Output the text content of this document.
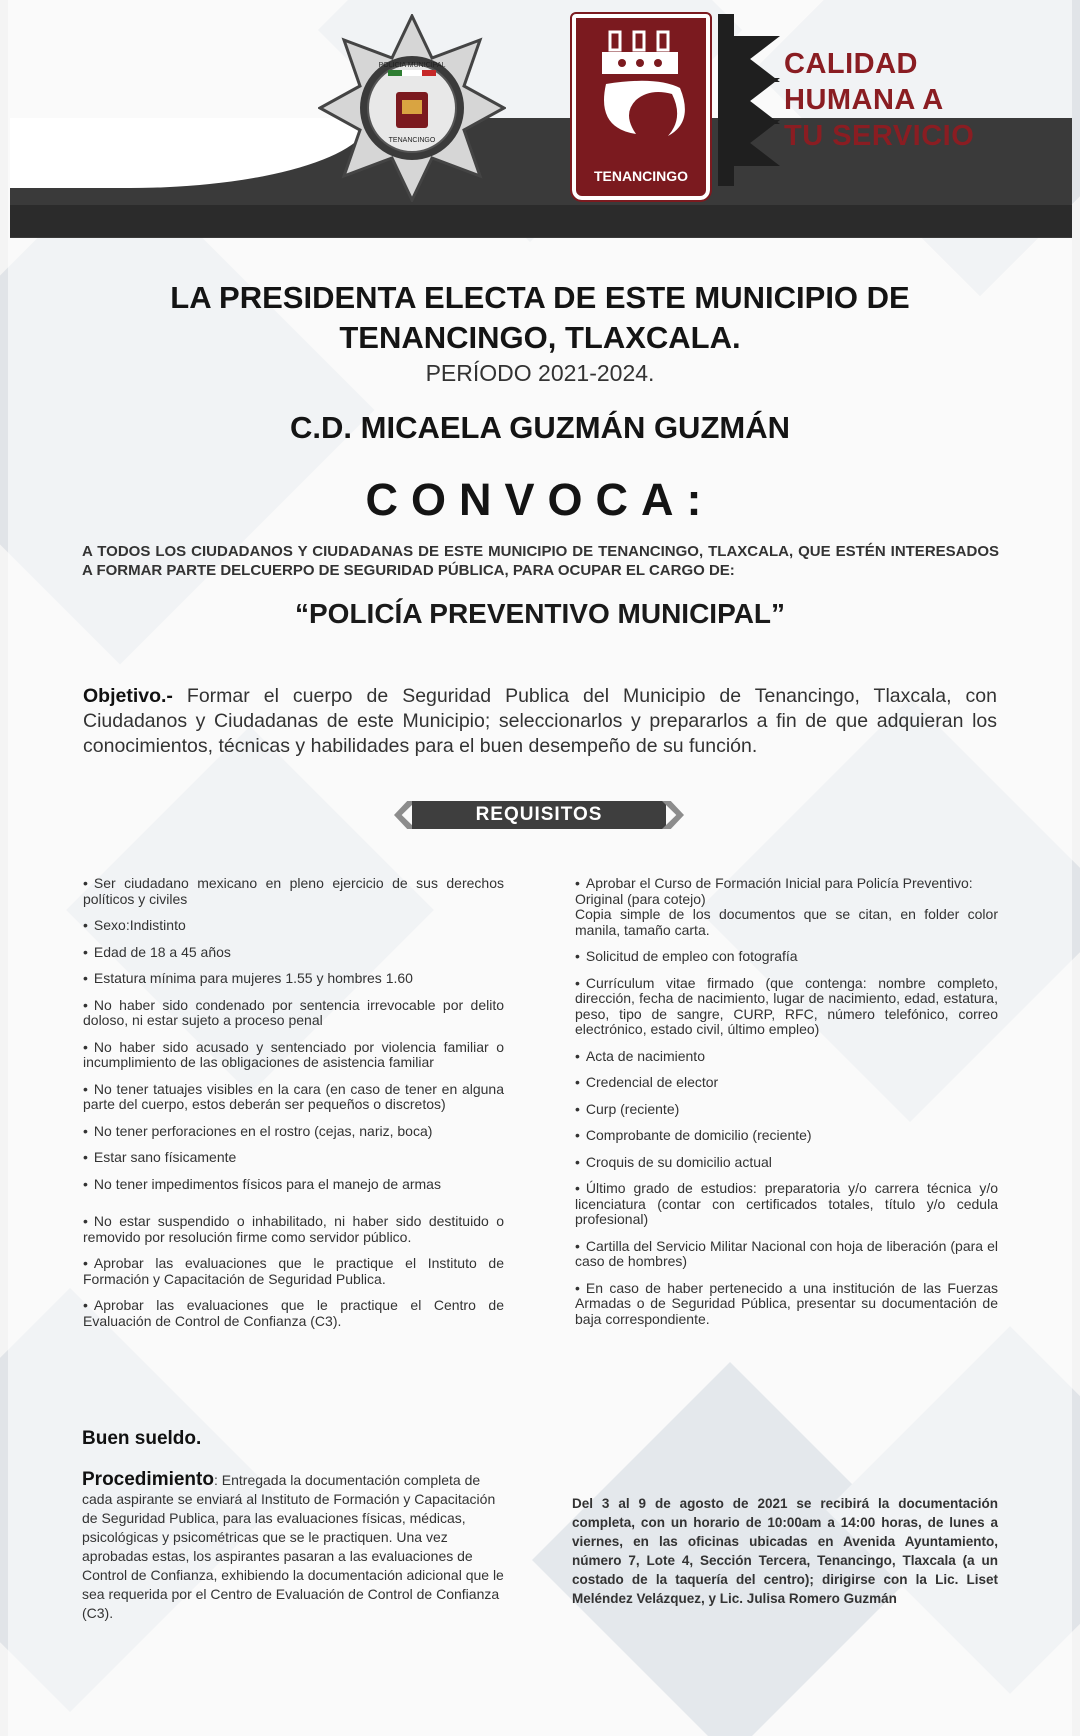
POLICIA MUNICIPAL
TENANCINGO
TENANCINGO
CALIDAD
HUMANA A
TU SERVICIO
LA PRESIDENTA ELECTA DE ESTE MUNICIPIO DE
TENANCINGO, TLAXCALA.
PERÍODO 2021-2024.
C.D. MICAELA GUZMÁN GUZMÁN
CONVOCA:
A TODOS LOS CIUDADANOS Y CIUDADANAS DE ESTE MUNICIPIO DE TENANCINGO, TLAXCALA, QUE ESTÉN INTERESADOS A FORMAR PARTE DELCUERPO DE SEGURIDAD PÚBLICA, PARA OCUPAR EL CARGO DE:
“POLICÍA PREVENTIVO MUNICIPAL”
Objetivo.- Formar el cuerpo de Seguridad Publica del Municipio de Tenancingo, Tlaxcala, con Ciudadanos y Ciudadanas de este Municipio; seleccionarlos y prepararlos a fin de que adquieran los conocimientos, técnicas y habilidades para el buen desempeño de su función.
REQUISITOS
• Ser ciudadano mexicano en pleno ejercicio de sus derechos políticos y civiles
• Sexo:Indistinto
• Edad de 18 a 45 años
• Estatura mínima para mujeres 1.55 y hombres 1.60
• No haber sido condenado por sentencia irrevocable por delito doloso, ni estar sujeto a proceso penal
• No haber sido acusado y sentenciado por violencia familiar o incumplimiento de las obligaciones de asistencia familiar
• No tener tatuajes visibles en la cara (en caso de tener en alguna parte del cuerpo, estos deberán ser pequeños o discretos)
• No tener perforaciones en el rostro (cejas, nariz, boca)
• Estar sano físicamente
• No tener impedimentos físicos para el manejo de armas
• No estar suspendido o inhabilitado, ni haber sido destituido o removido por resolución firme como servidor público.
• Aprobar las evaluaciones que le practique el Instituto de Formación y Capacitación de Seguridad Publica.
• Aprobar las evaluaciones que le practique el Centro de Evaluación de Control de Confianza (C3).
• Aprobar el Curso de Formación Inicial para Policía Preventivo:
Original (para cotejo)
Copia simple de los documentos que se citan, en folder color manila, tamaño carta.
• Solicitud de empleo con fotografía
• Currículum vitae firmado (que contenga: nombre completo, dirección, fecha de nacimiento, lugar de nacimiento, edad, estatura, peso, tipo de sangre, CURP, RFC, número telefónico, correo electrónico, estado civil, último empleo)
• Acta de nacimiento
• Credencial de elector
• Curp (reciente)
• Comprobante de domicilio (reciente)
• Croquis de su domicilio actual
• Último grado de estudios: preparatoria y/o carrera técnica y/o licenciatura (contar con certificados totales, título y/o cedula profesional)
• Cartilla del Servicio Militar Nacional con hoja de liberación (para el caso de hombres)
• En caso de haber pertenecido a una institución de las Fuerzas Armadas o de Seguridad Pública, presentar su documentación de baja correspondiente.
Buen sueldo.
Procedimiento: Entregada la documentación completa de cada aspirante se enviará al Instituto de Formación y Capacitación de Seguridad Publica, para las evaluaciones físicas, médicas, psicológicas y psicométricas que se le practiquen. Una vez aprobadas estas, los aspirantes pasaran a las evaluaciones de Control de Confianza, exhibiendo la documentación adicional que le sea requerida por el Centro de Evaluación de Control de Confianza (C3).
Del 3 al 9 de agosto de 2021 se recibirá la documentación completa, con un horario de 10:00am a 14:00 horas, de lunes a viernes, en las oficinas ubicadas en Avenida Ayuntamiento, número 7, Lote 4, Sección Tercera, Tenancingo, Tlaxcala (a un costado de la taquería del centro); dirigirse con la Lic. Liset Meléndez Velázquez, y Lic. Julisa Romero Guzmán
